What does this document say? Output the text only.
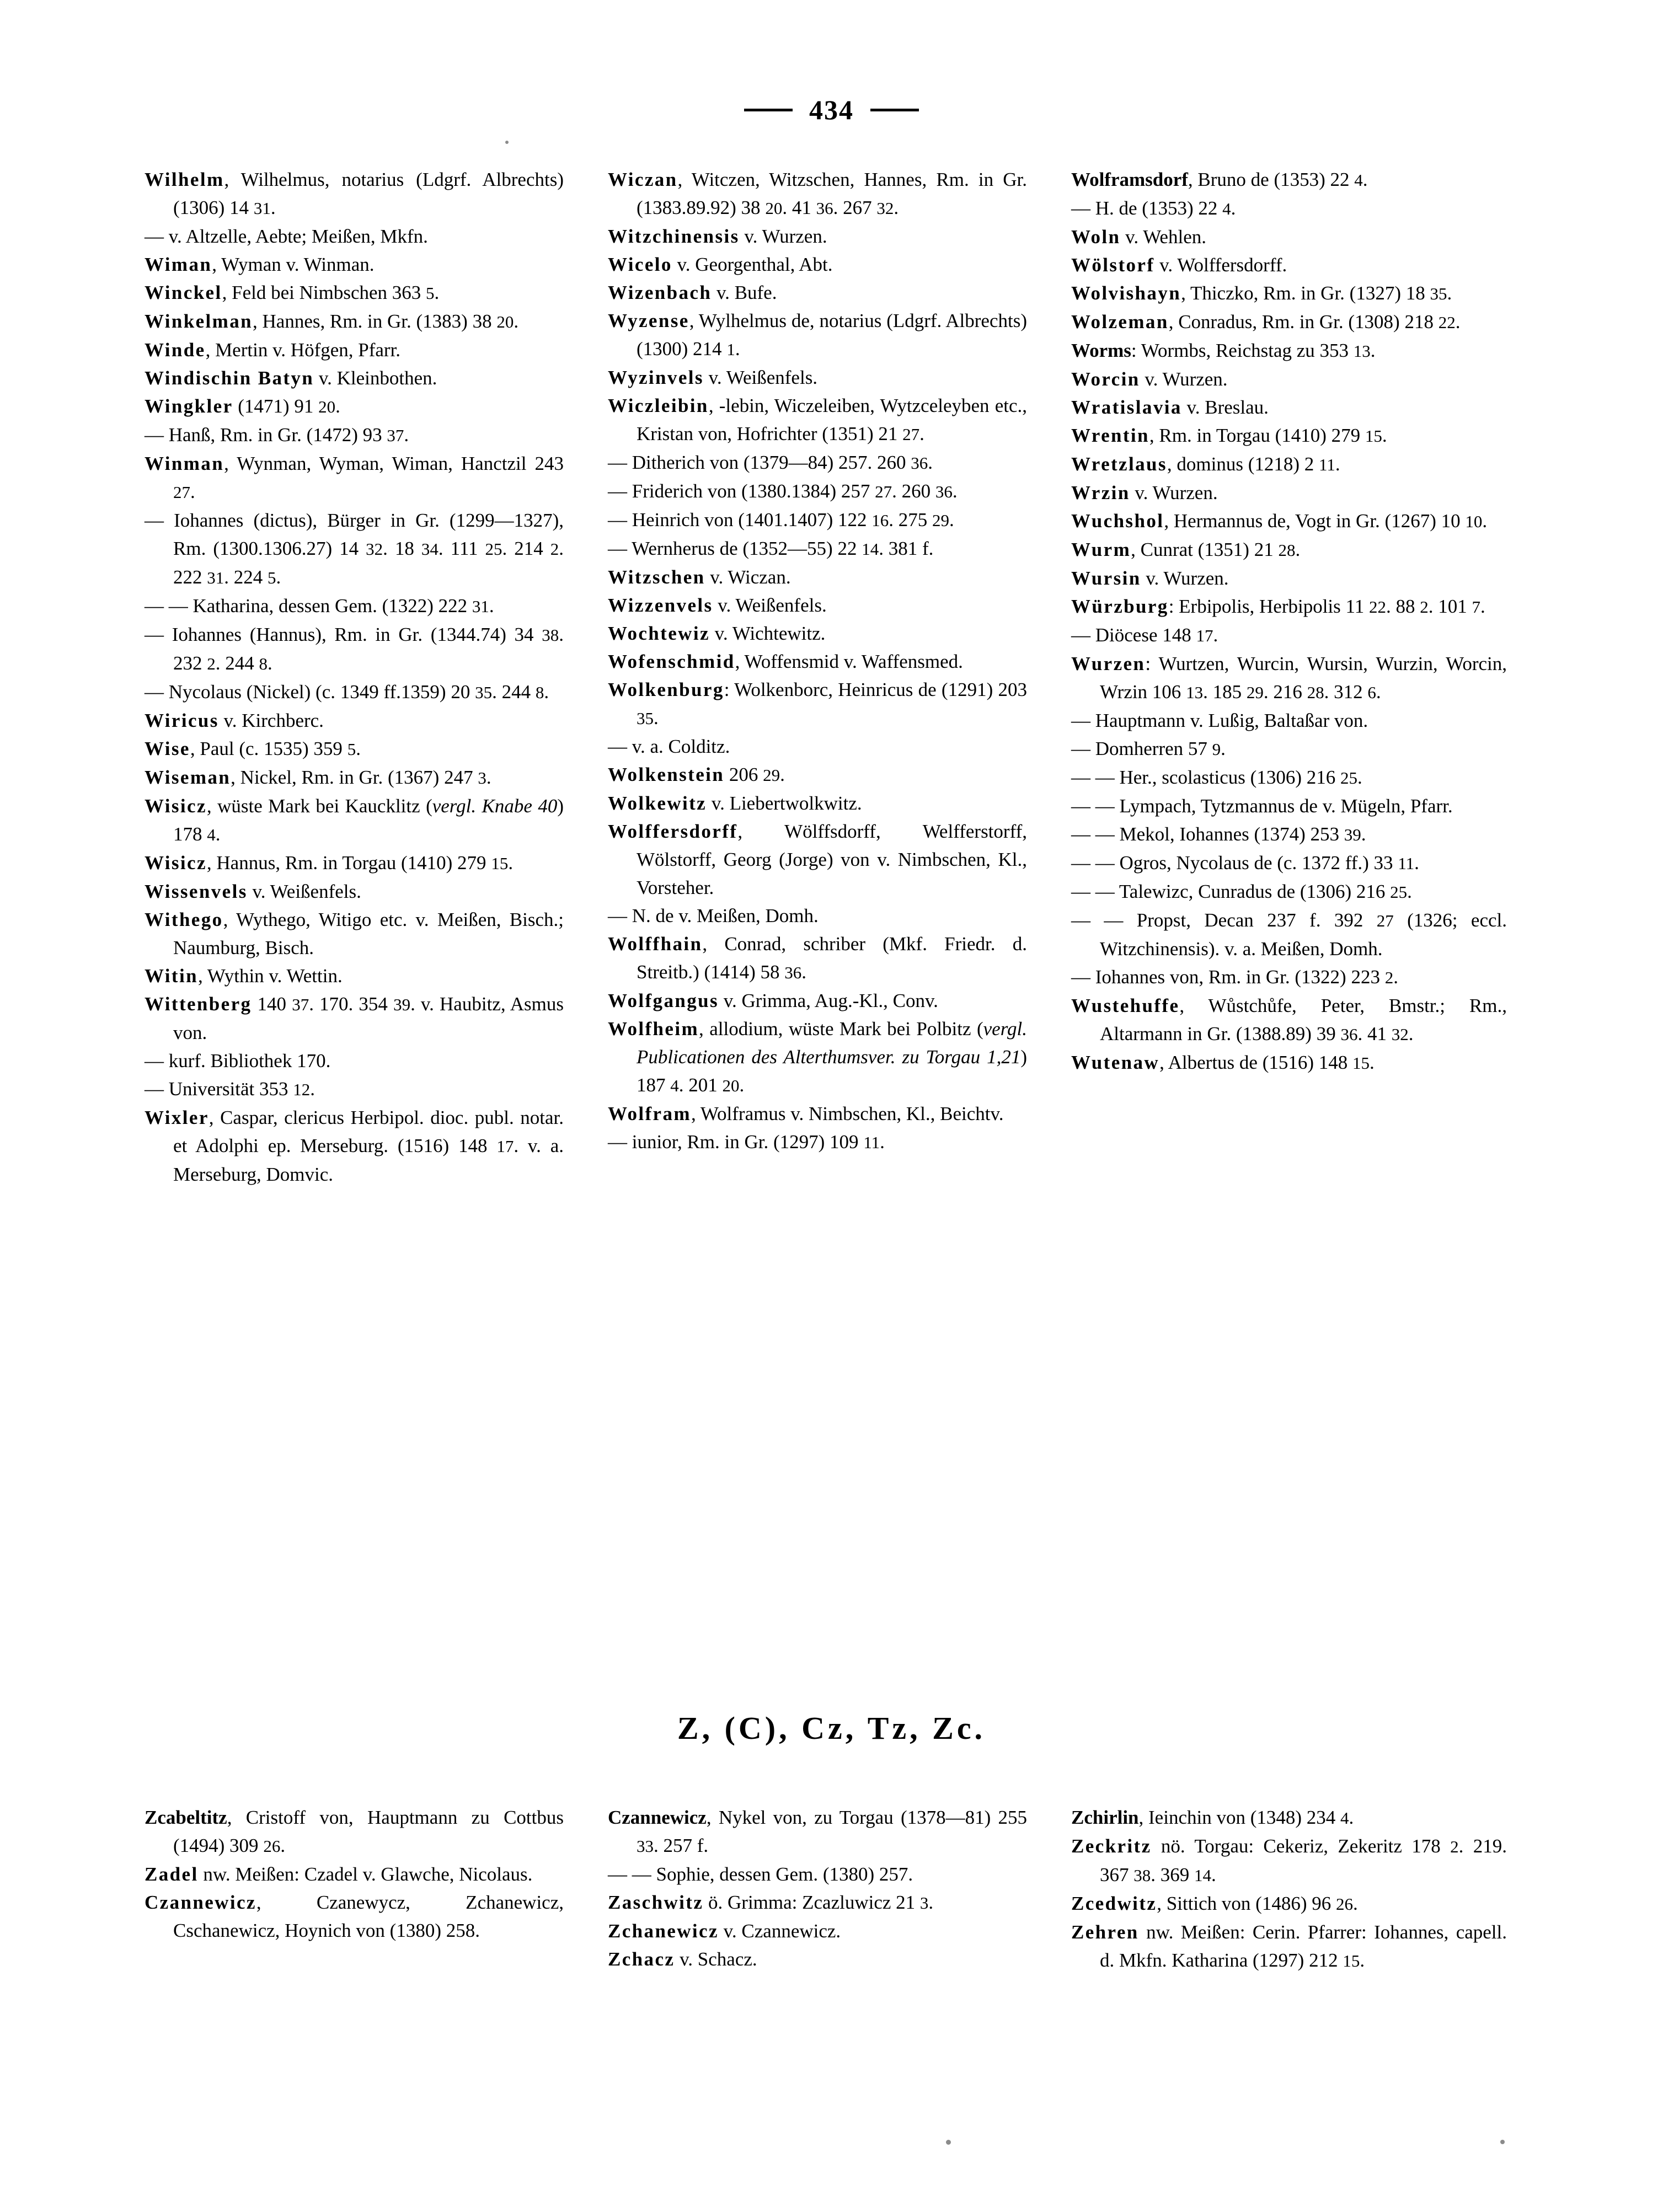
434

Wilhelm, Wilhelmus, notarius (Ldgrf. Albrechts) (1306) 14 31.

— v. Altzelle, Aebte; Meißen, Mkfn.

Wiman, Wyman v. Winman.

Winckel, Feld bei Nimbschen 363 5.

Winkelman, Hannes, Rm. in Gr. (1383) 38 20.

Winde, Mertin v. Höfgen, Pfarr.

Windischin Batyn v. Kleinbothen.

Wingkler (1471) 91 20.

— Hanß, Rm. in Gr. (1472) 93 37.

Winman, Wynman, Wyman, Wiman, Hanctzil 243 27.

— Iohannes (dictus), Bürger in Gr. (1299—1327), Rm. (1300.1306.27) 14 32. 18 34. 111 25. 214 2. 222 31. 224 5.

— — Katharina, dessen Gem. (1322) 222 31.

— Iohannes (Hannus), Rm. in Gr. (1344.74) 34 38. 232 2. 244 8.

— Nycolaus (Nickel) (c. 1349 ff.1359) 20 35. 244 8.

Wiricus v. Kirchberc.

Wise, Paul (c. 1535) 359 5.

Wiseman, Nickel, Rm. in Gr. (1367) 247 3.

Wisicz, wüste Mark bei Kaucklitz (vergl. Knabe 40) 178 4.

Wisicz, Hannus, Rm. in Torgau (1410) 279 15.

Wissenvels v. Weißenfels.

Withego, Wythego, Witigo etc. v. Meißen, Bisch.; Naumburg, Bisch.

Witin, Wythin v. Wettin.

Wittenberg 140 37. 170. 354 39. v. Haubitz, Asmus von.

— kurf. Bibliothek 170.

— Universität 353 12.

Wixler, Caspar, clericus Herbipol. dioc. publ. notar. et Adolphi ep. Merseburg. (1516) 148 17. v. a. Merseburg, Domvic.

Wiczan, Witczen, Witzschen, Hannes, Rm. in Gr. (1383.89.92) 38 20. 41 36. 267 32.

Witzchinensis v. Wurzen.

Wicelo v. Georgenthal, Abt.

Wizenbach v. Bufe.

Wyzense, Wylhelmus de, notarius (Ldgrf. Albrechts) (1300) 214 1.

Wyzinvels v. Weißenfels.

Wiczleibin, -lebin, Wiczeleiben, Wytzceleyben etc., Kristan von, Hofrichter (1351) 21 27.

— Ditherich von (1379—84) 257. 260 36.

— Friderich von (1380.1384) 257 27. 260 36.

— Heinrich von (1401.1407) 122 16. 275 29.

— Wernherus de (1352—55) 22 14. 381 f.

Witzschen v. Wiczan.

Wizzenvels v. Weißenfels.

Wochtewiz v. Wichtewitz.

Wofenschmid, Woffensmid v. Waffensmed.

Wolkenburg: Wolkenborc, Heinricus de (1291) 203 35.

— v. a. Colditz.

Wolkenstein 206 29.

Wolkewitz v. Liebertwolkwitz.

Wolffersdorff, Wölffsdorff, Welfferstorff, Wölstorff, Georg (Jorge) von v. Nimbschen, Kl., Vorsteher.

— N. de v. Meißen, Domh.

Wolffhain, Conrad, schriber (Mkf. Friedr. d. Streitb.) (1414) 58 36.

Wolfgangus v. Grimma, Aug.-Kl., Conv.

Wolfheim, allodium, wüste Mark bei Polbitz (vergl. Publicationen des Alterthumsver. zu Torgau 1,21) 187 4. 201 20.

Wolfram, Wolframus v. Nimbschen, Kl., Beichtv.

— iunior, Rm. in Gr. (1297) 109 11.

Wolframsdorf, Bruno de (1353) 22 4.

— H. de (1353) 22 4.

Woln v. Wehlen.

Wölstorf v. Wolffersdorff.

Wolvishayn, Thiczko, Rm. in Gr. (1327) 18 35.

Wolzeman, Conradus, Rm. in Gr. (1308) 218 22.

Worms: Wormbs, Reichstag zu 353 13.

Worcin v. Wurzen.

Wratislavia v. Breslau.

Wrentin, Rm. in Torgau (1410) 279 15.

Wretzlaus, dominus (1218) 2 11.

Wrzin v. Wurzen.

Wuchshol, Hermannus de, Vogt in Gr. (1267) 10 10.

Wurm, Cunrat (1351) 21 28.

Wursin v. Wurzen.

Würzburg: Erbipolis, Herbipolis 11 22. 88 2. 101 7.

— Diöcese 148 17.

Wurzen: Wurtzen, Wurcin, Wursin, Wurzin, Worcin, Wrzin 106 13. 185 29. 216 28. 312 6.

— Hauptmann v. Lußig, Baltaßar von.

— Domherren 57 9.

— — Her., scolasticus (1306) 216 25.

— — Lympach, Tytzmannus de v. Mügeln, Pfarr.

— — Mekol, Iohannes (1374) 253 39.

— — Ogros, Nycolaus de (c. 1372 ff.) 33 11.

— — Talewizc, Cunradus de (1306) 216 25.

— — Propst, Decan 237 f. 392 27 (1326; eccl. Witzchinensis). v. a. Meißen, Domh.

— Iohannes von, Rm. in Gr. (1322) 223 2.

Wustehuffe, Wůstchůfe, Peter, Bmstr.; Rm., Altarmann in Gr. (1388.89) 39 36. 41 32.

Wutenaw, Albertus de (1516) 148 15.

Z, (C), Cz, Tz, Zc.

Zcabeltitz, Cristoff von, Hauptmann zu Cottbus (1494) 309 26.

Zadel nw. Meißen: Czadel v. Glawche, Nicolaus.

Czannewicz, Czanewycz, Zchanewicz, Cschanewicz, Hoynich von (1380) 258.

Czannewicz, Nykel von, zu Torgau (1378—81) 255 33. 257 f.

— — Sophie, dessen Gem. (1380) 257.

Zaschwitz ö. Grimma: Zcazluwicz 21 3.

Zchanewicz v. Czannewicz.

Zchacz v. Schacz.

Zchirlin, Ieinchin von (1348) 234 4.

Zeckritz nö. Torgau: Cekeriz, Zekeritz 178 2. 219. 367 38. 369 14.

Zcedwitz, Sittich von (1486) 96 26.

Zehren nw. Meißen: Cerin. Pfarrer: Iohannes, capell. d. Mkfn. Katharina (1297) 212 15.
